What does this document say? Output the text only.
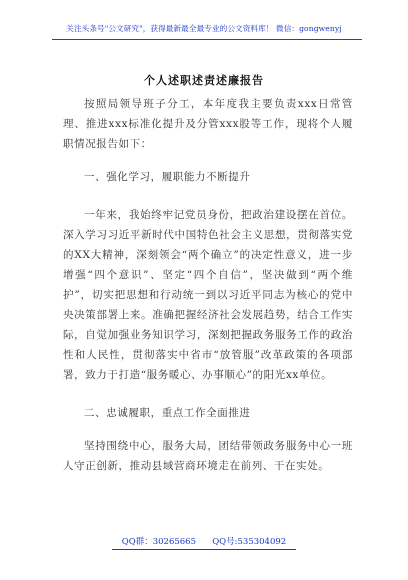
关注头条号"公文研究"，获得最新最全最专业的公文资料库！ 微信：gongwenyj
个人述职述责述廉报告

按照局领导班子分工，本年度我主要负责xxx日常管理、推进xxx标准化提升及分管xxx股等工作，现将个人履职情况报告如下：

一、强化学习，履职能力不断提升

一年来，我始终牢记党员身份，把政治建设摆在首位。深入学习习近平新时代中国特色社会主义思想，贯彻落实党的XX大精神，深刻领会“两个确立”的决定性意义，进一步增强“四个意识”、坚定“四个自信”，坚决做到“两个维护”，切实把思想和行动统一到以习近平同志为核心的党中央决策部署上来。准确把握经济社会发展趋势，结合工作实际，自觉加强业务知识学习，深刻把握政务服务工作的政治性和人民性，贯彻落实中省市“放管服”改革政策的各项部署，致力于打造“服务暖心、办事顺心”的阳光xx单位。

二、忠诚履职，重点工作全面推进

坚持围绕中心，服务大局，团结带领政务服务中心一班人守正创新，推动县域营商环境走在前列、干在实处。

QQ群：30265665      QQ号:535304092
